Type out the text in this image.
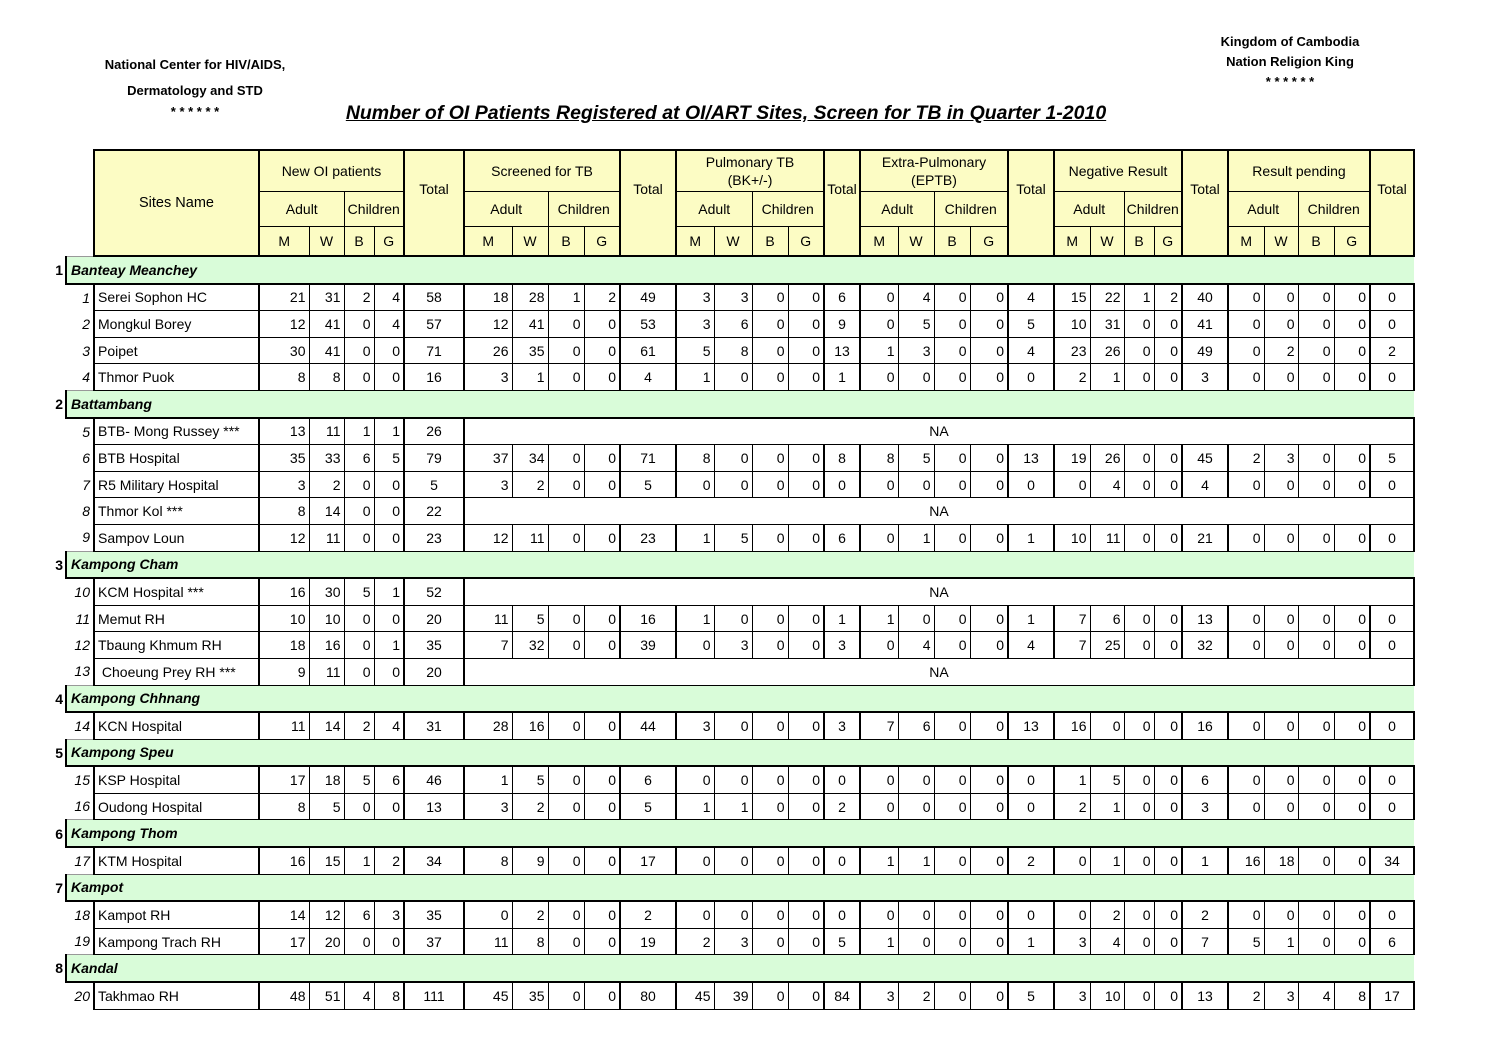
National Center for HIV/AIDS,
Dermatology and STD
* * * * * *
Kingdom of Cambodia
Nation Religion King
* * * * * *
Number of OI Patients Registered at OI/ART Sites, Screen for TB in Quarter 1-2010
		Sites Name	New OI patients				Total	Screened for TB				Total	Pulmonary TB
(BK+/-)				Total	Extra-Pulmonary
(EPTB)				Total	Negative Result				Total	Result pending				Total
			Adult		Children			Adult		Children			Adult		Children			Adult		Children			Adult		Children			Adult		Children		
			M	W	B	G		M	W	B	G		M	W	B	G		M	W	B	G		M	W	B	G		M	W	B	G	
1	Banteay Meanchey																															
	1	Serei Sophon HC	21	31	2	4	58	18	28	1	2	49	3	3	0	0	6	0	4	0	0	4	15	22	1	2	40	0	0	0	0	0
	2	Mongkul Borey	12	41	0	4	57	12	41	0	0	53	3	6	0	0	9	0	5	0	0	5	10	31	0	0	41	0	0	0	0	0
	3	Poipet	30	41	0	0	71	26	35	0	0	61	5	8	0	0	13	1	3	0	0	4	23	26	0	0	49	0	2	0	0	2
	4	Thmor Puok	8	8	0	0	16	3	1	0	0	4	1	0	0	0	1	0	0	0	0	0	2	1	0	0	3	0	0	0	0	0
2	Battambang																															
	5	BTB- Mong Russey ***	13	11	1	1	26	NA																								
	6	BTB Hospital	35	33	6	5	79	37	34	0	0	71	8	0	0	0	8	8	5	0	0	13	19	26	0	0	45	2	3	0	0	5
	7	R5 Military Hospital	3	2	0	0	5	3	2	0	0	5	0	0	0	0	0	0	0	0	0	0	0	4	0	0	4	0	0	0	0	0
	8	Thmor Kol ***	8	14	0	0	22	NA																								
	9	Sampov Loun	12	11	0	0	23	12	11	0	0	23	1	5	0	0	6	0	1	0	0	1	10	11	0	0	21	0	0	0	0	0
3	Kampong Cham																															
	10	KCM Hospital ***	16	30	5	1	52	NA																								
	11	Memut RH	10	10	0	0	20	11	5	0	0	16	1	0	0	0	1	1	0	0	0	1	7	6	0	0	13	0	0	0	0	0
	12	Tbaung Khmum RH	18	16	0	1	35	7	32	0	0	39	0	3	0	0	3	0	4	0	0	4	7	25	0	0	32	0	0	0	0	0
	13	Choeung Prey RH ***	9	11	0	0	20	NA																								
4	Kampong Chhnang																															
	14	KCN Hospital	11	14	2	4	31	28	16	0	0	44	3	0	0	0	3	7	6	0	0	13	16	0	0	0	16	0	0	0	0	0
5	Kampong Speu																															
	15	KSP Hospital	17	18	5	6	46	1	5	0	0	6	0	0	0	0	0	0	0	0	0	0	1	5	0	0	6	0	0	0	0	0
	16	Oudong Hospital	8	5	0	0	13	3	2	0	0	5	1	1	0	0	2	0	0	0	0	0	2	1	0	0	3	0	0	0	0	0
6	Kampong Thom																															
	17	KTM Hospital	16	15	1	2	34	8	9	0	0	17	0	0	0	0	0	1	1	0	0	2	0	1	0	0	1	16	18	0	0	34
7	Kampot																															
	18	Kampot RH	14	12	6	3	35	0	2	0	0	2	0	0	0	0	0	0	0	0	0	0	0	2	0	0	2	0	0	0	0	0
	19	Kampong Trach RH	17	20	0	0	37	11	8	0	0	19	2	3	0	0	5	1	0	0	0	1	3	4	0	0	7	5	1	0	0	6
8	Kandal																															
	20	Takhmao RH	48	51	4	8	111	45	35	0	0	80	45	39	0	0	84	3	2	0	0	5	3	10	0	0	13	2	3	4	8	17
